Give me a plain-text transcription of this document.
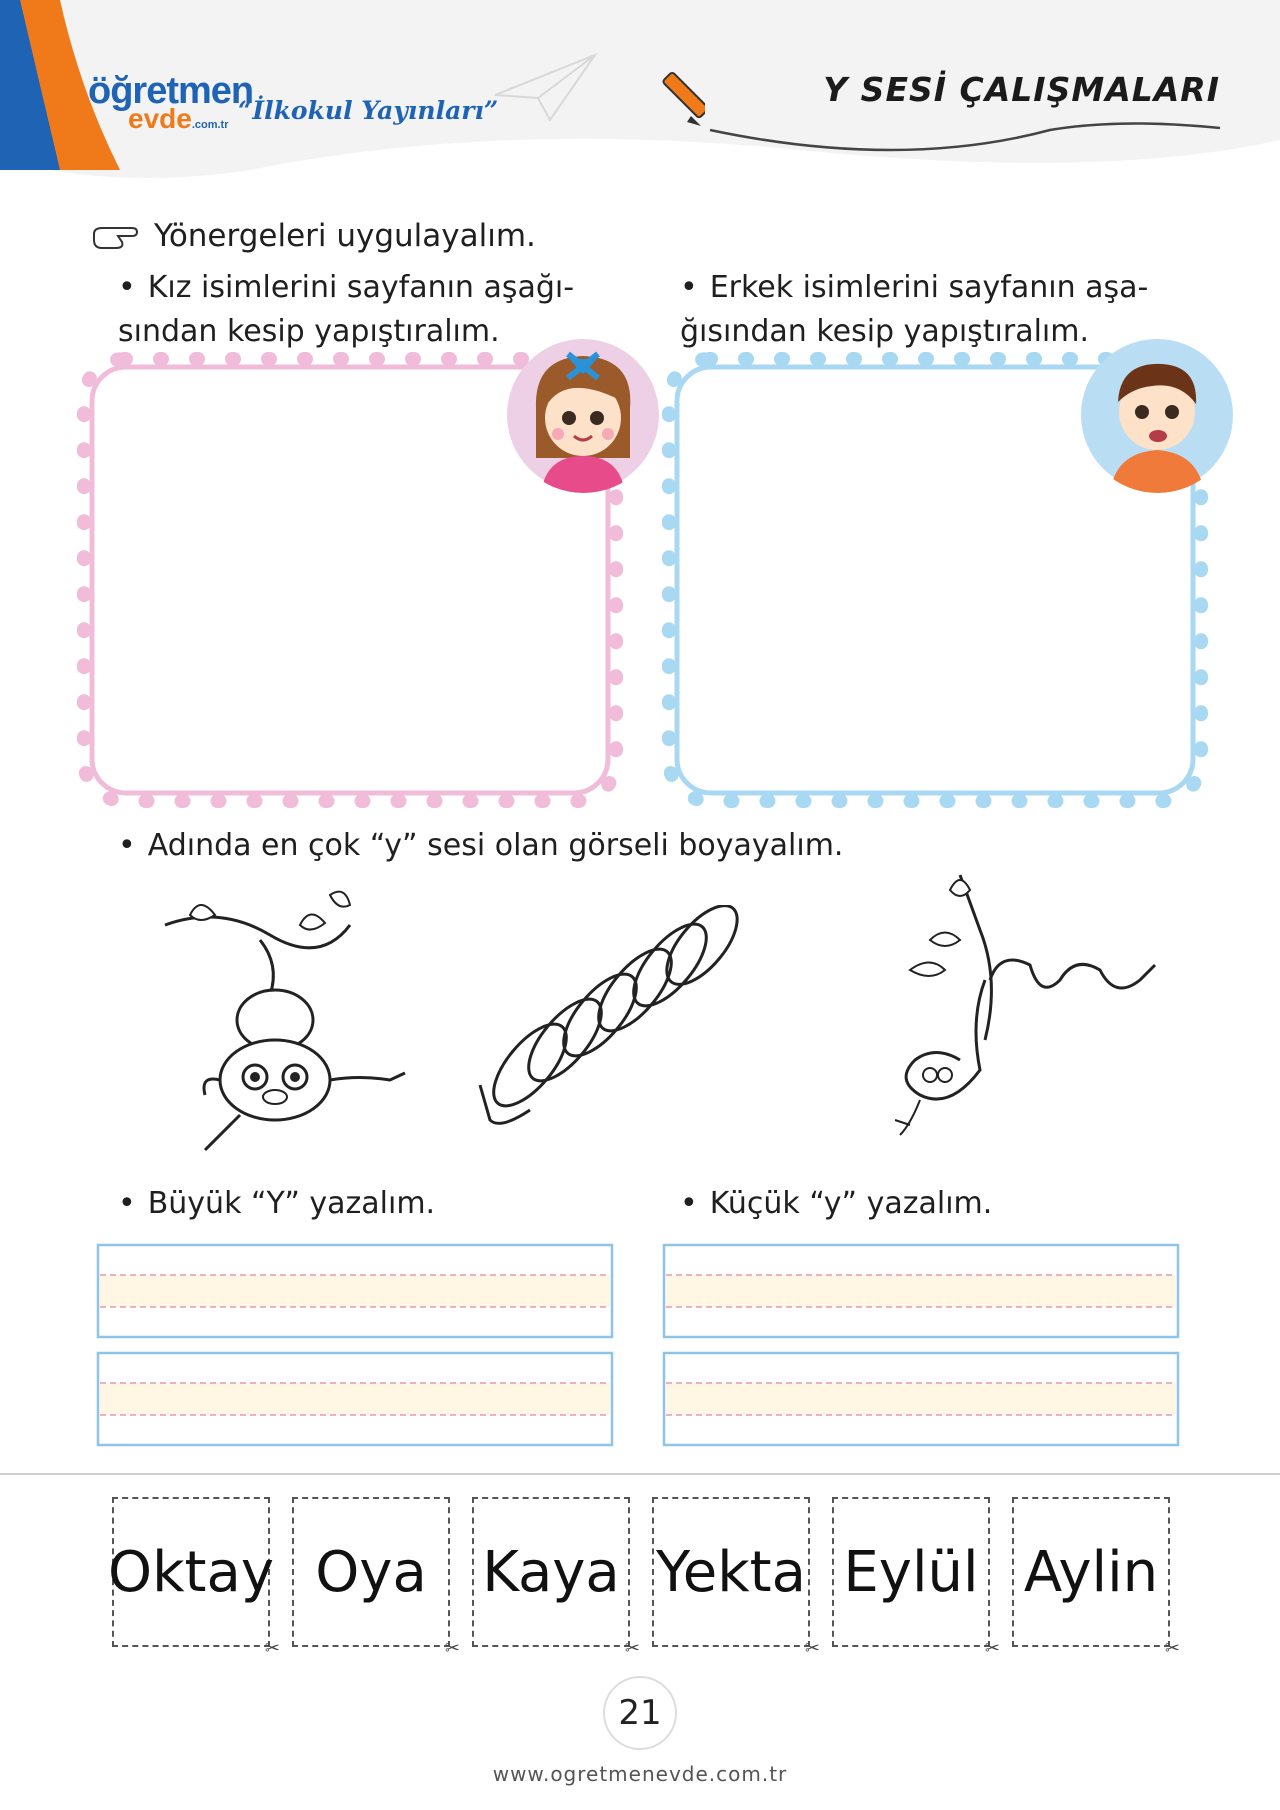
öğretmen
evde.com.tr “İlkokul Yayınları”
Y SESİ ÇALIŞMALARI
Yönergeleri uygulayalım.
• Kız isimlerini sayfanın aşağı-
sından kesip yapıştıralım.
• Erkek isimlerini sayfanın aşa-
ğısından kesip yapıştıralım.
• Adında en çok “y” sesi olan görseli boyayalım.
• Büyük “Y” yazalım.
•	Küçük “y” yazalım.
Oktay
✂
Oya
✂
Kaya
✂
Yekta
✂
Eylül
✂
Aylin
✂
21
www.ogretmenevde.com.tr
